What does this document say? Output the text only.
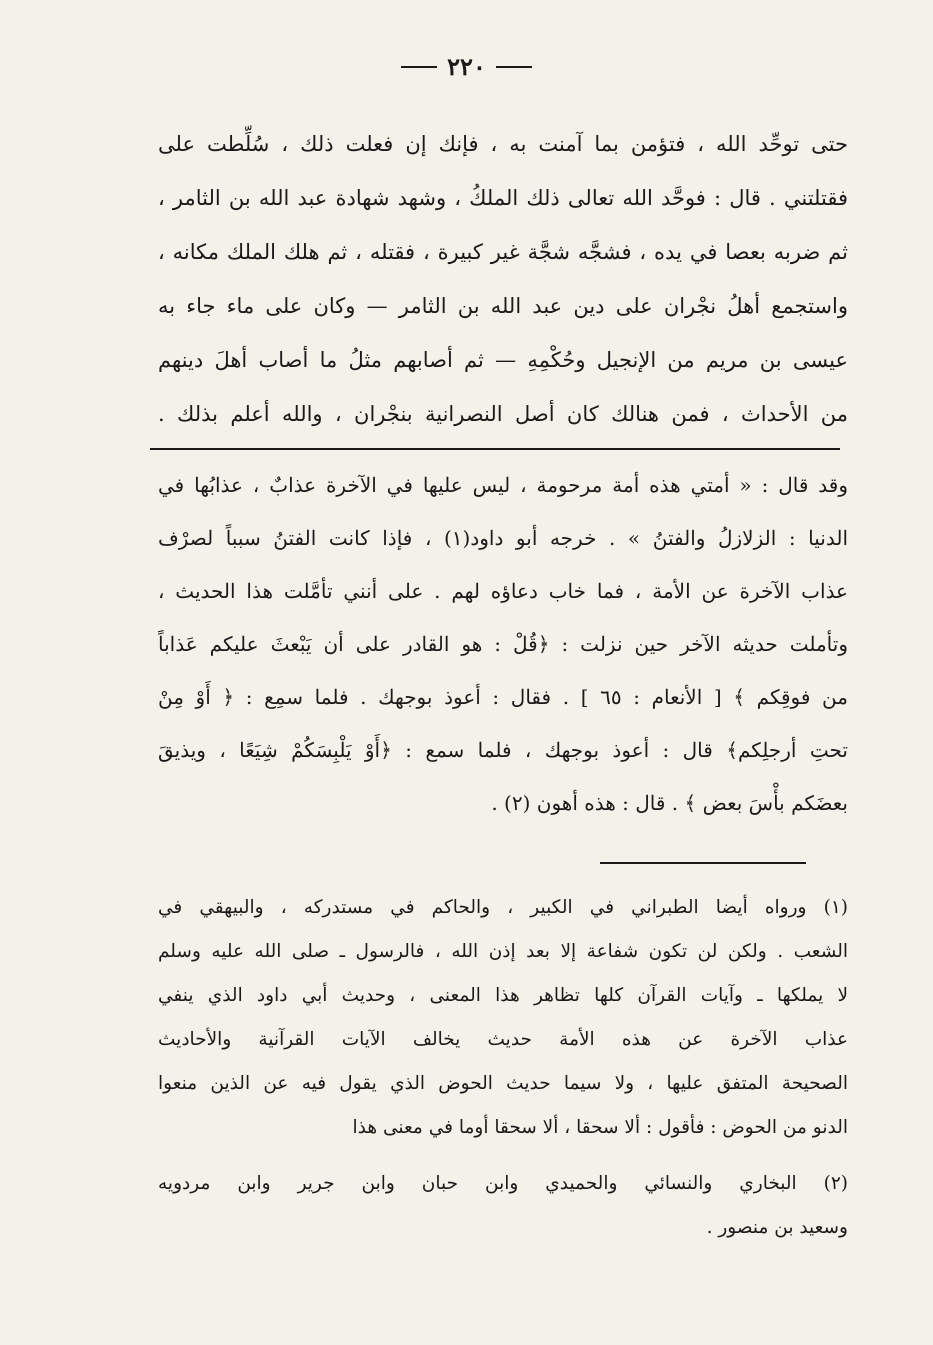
٢٢٠
حتى توحِّد الله ، فتؤمن بما آمنت به ، فإنك إن فعلت ذلك ، سُلِّطت على
فقتلتني . قال : فوحَّد الله تعالى ذلك الملكُ ، وشهد شهادة عبد الله بن الثامر ،
ثم ضربه بعصا في يده ، فشجَّه شجَّة غير كبيرة ، فقتله ، ثم هلك الملك مكانه ،
واستجمع أهلُ نجْران على دين عبد الله بن الثامر — وكان على ماء جاء به
عيسى بن مريم من الإنجيل وحُكْمِهِ — ثم أصابهم مثلُ ما أصاب أهلَ دينهم
من الأحداث ، فمن هنالك كان أصل النصرانية بنجْران ، والله أعلم بذلك .
وقد قال : « أمتي هذه أمة مرحومة ، ليس عليها في الآخرة عذابٌ ، عذابُها في
الدنيا : الزلازلُ والفتنُ » . خرجه أبو داود(١) ، فإذا كانت الفتنُ سبباً لصرْف
عذاب الآخرة عن الأمة ، فما خاب دعاؤه لهم . على أنني تأمَّلت هذا الحديث ،
وتأملت حديثه الآخر حين نزلت : ﴿قُلْ : هو القادر على أن يَبْعثَ عليكم عَذاباً
من فوقِكم ﴾ [ الأنعام : ٦٥ ] . فقال : أعوذ بوجهك . فلما سمِع : ﴿ أَوْ مِنْ
تحتِ أرجلِكم﴾ قال : أعوذ بوجهك ، فلما سمع : ﴿أَوْ يَلْبِسَكُمْ شِيَعًا ، ويذيقَ
بعضَكم بأْسَ بعض ﴾ . قال : هذه أهون (٢) .
(١) ورواه أيضا الطبراني في الكبير ، والحاكم في مستدركه ، والبيهقي في
الشعب . ولكن لن تكون شفاعة إلا بعد إذن الله ، فالرسول ـ صلى الله عليه وسلم
لا يملكها ـ وآيات القرآن كلها تظاهر هذا المعنى ، وحديث أبي داود الذي ينفي
عذاب الآخرة عن هذه الأمة حديث يخالف الآيات القرآنية والأحاديث
الصحيحة المتفق عليها ، ولا سيما حديث الحوض الذي يقول فيه عن الذين منعوا
الدنو من الحوض : فأقول : ألا سحقا ، ألا سحقا أوما في معنى هذا
(٢) البخاري والنسائي والحميدي وابن حبان وابن جرير وابن مردويه
وسعيد بن منصور .
